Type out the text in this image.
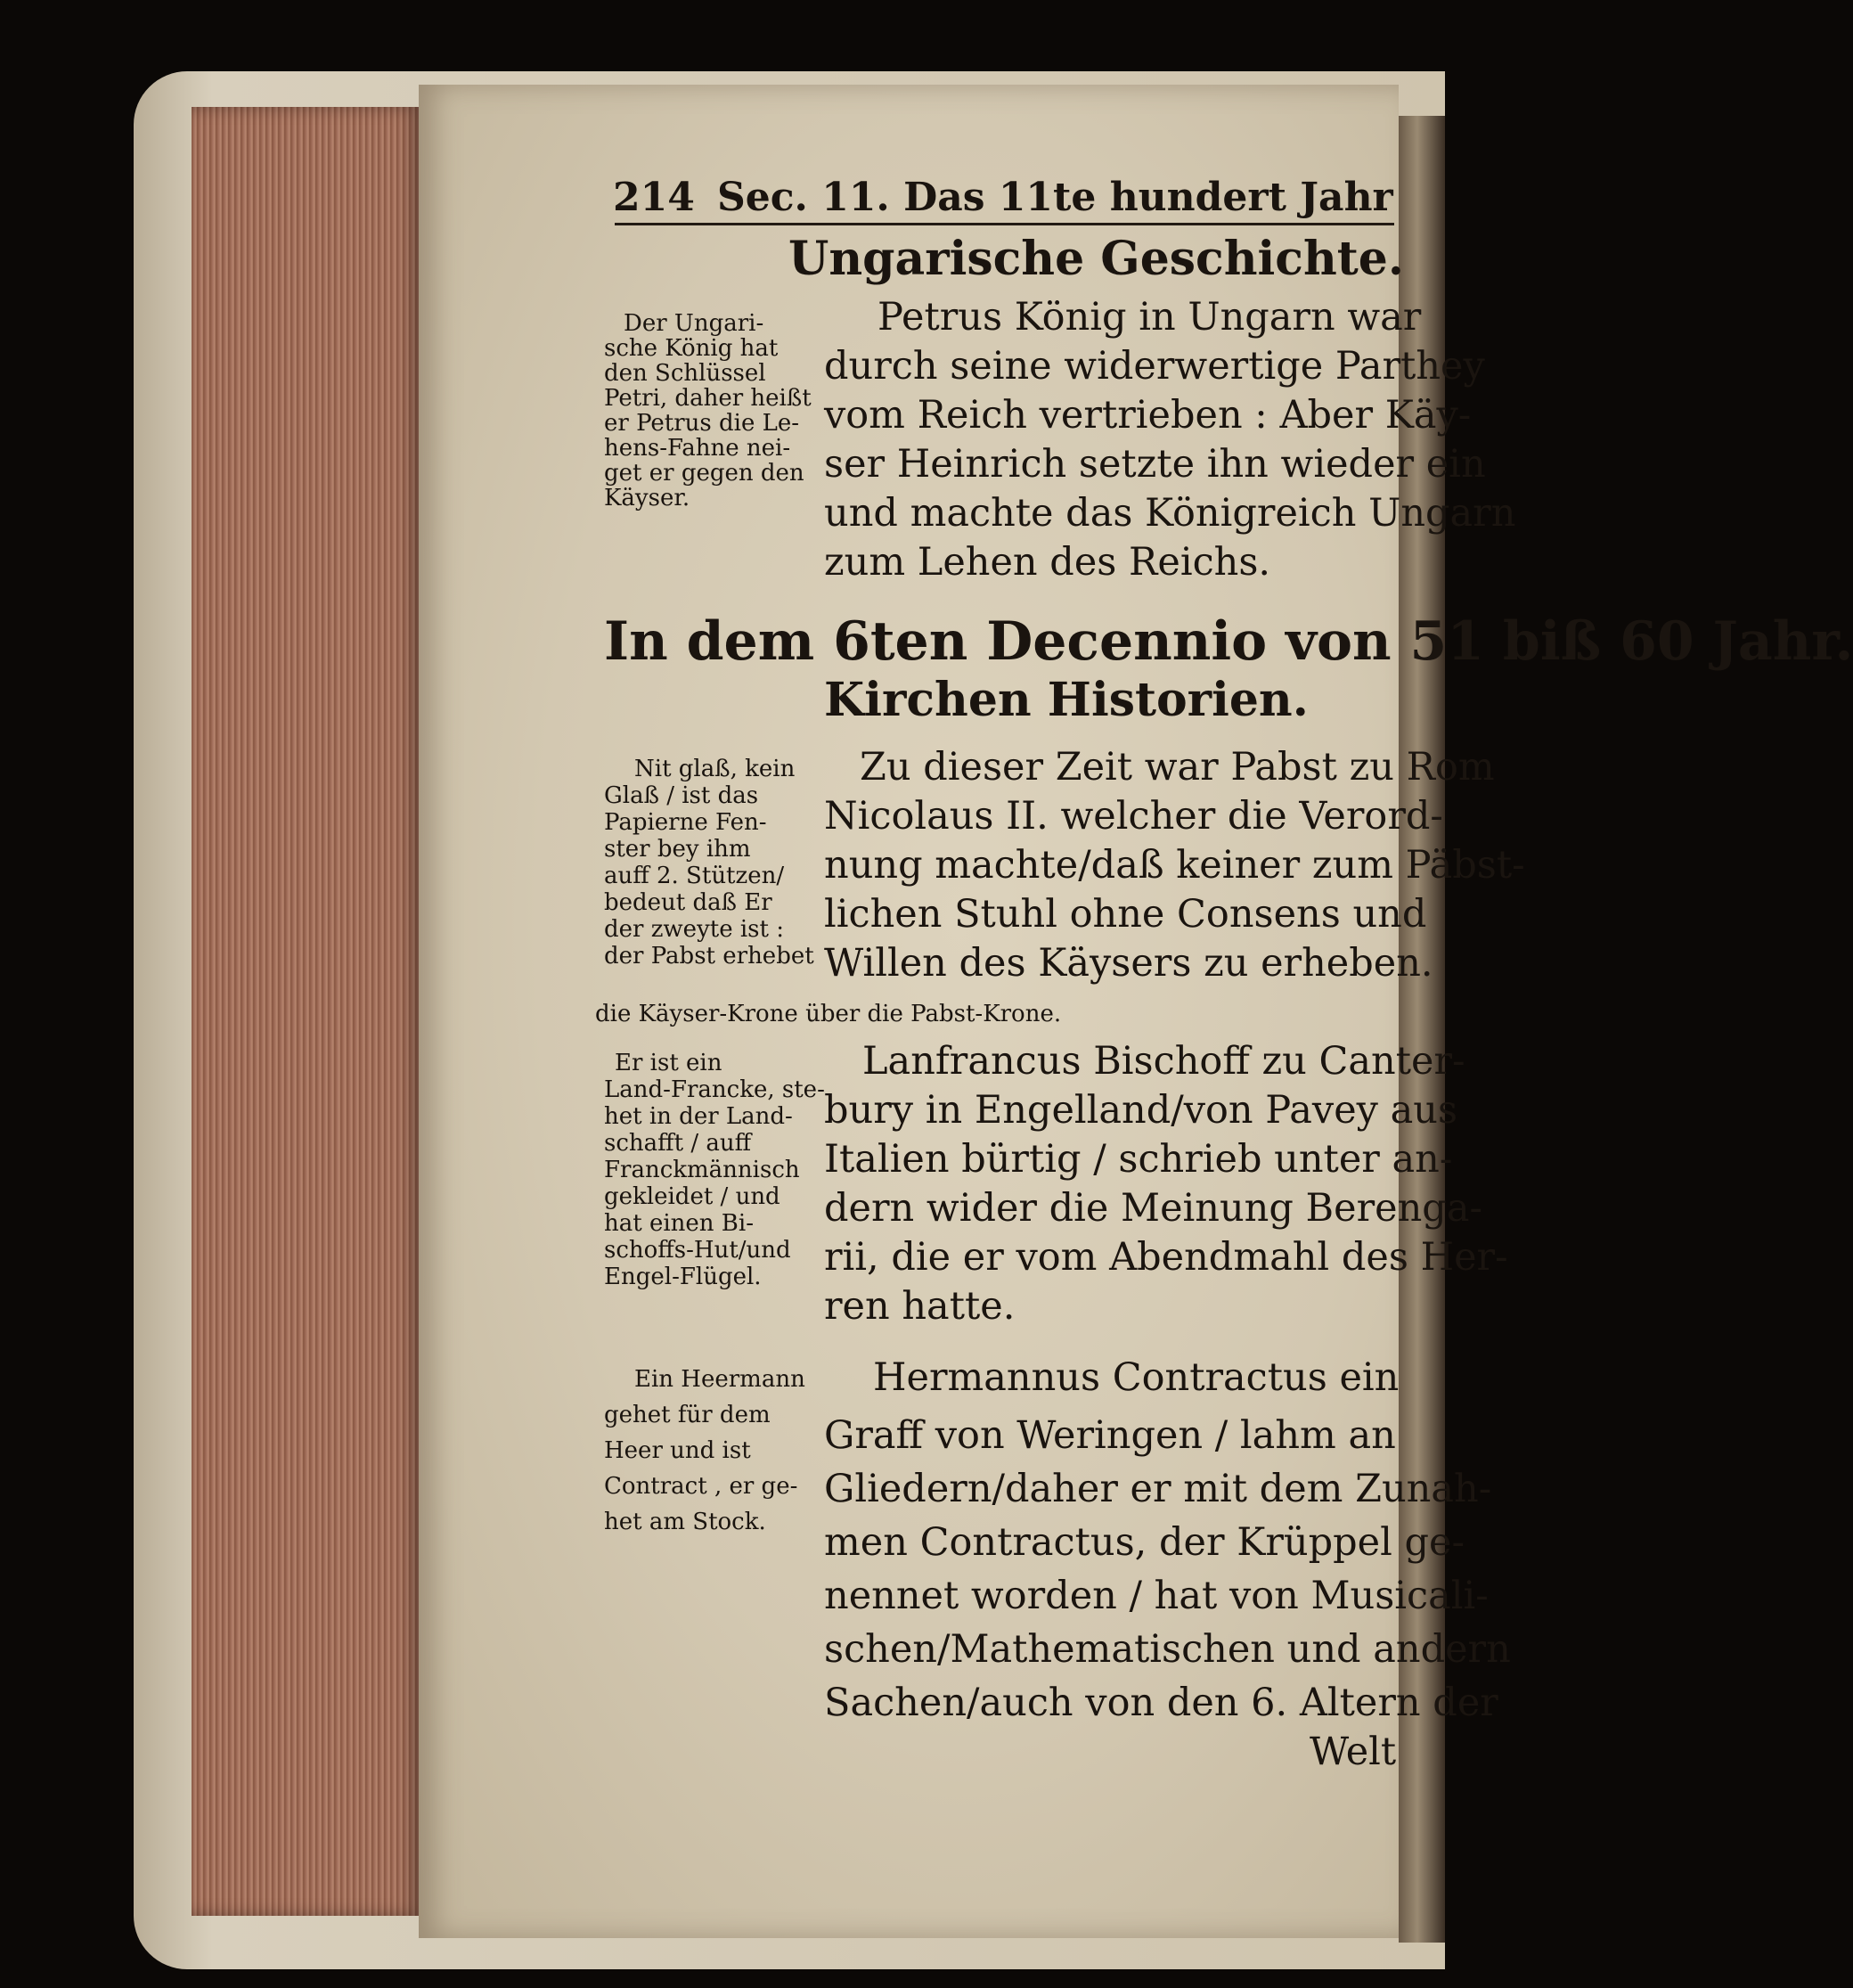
214 Sec. 11. Das 11te hundert Jahr
Ungarische Geschichte.
Der Ungari-
sche König hat
den Schlüssel
Petri, daher heißt
er Petrus die Le-
hens-Fahne nei-
get er gegen den
Käyser.
Petrus König in Ungarn war
durch seine widerwertige Parthey
vom Reich vertrieben : Aber Käy-
ser Heinrich setzte ihn wieder ein
und machte das Königreich Ungarn
zum Lehen des Reichs.
In dem 6ten Decennio von 51 biß 60 Jahr.
Kirchen Historien.
Nit glaß, kein
Glaß / ist das
Papierne Fen-
ster bey ihm
auff 2. Stützen/
bedeut daß Er
der zweyte ist :
der Pabst erhebet
die Käyser-Krone über die Pabst-Krone.
Zu dieser Zeit war Pabst zu Rom
Nicolaus II. welcher die Verord-
nung machte/daß keiner zum Päbst-
lichen Stuhl ohne Consens und
Willen des Käysers zu erheben.
Er ist ein
Land-Francke, ste-
het in der Land-
schafft / auff
Franckmännisch
gekleidet / und
hat einen Bi-
schoffs-Hut/und
Engel-Flügel.
Lanfrancus Bischoff zu Canter-
bury in Engelland/von Pavey aus
Italien bürtig / schrieb unter an-
dern wider die Meinung Berenga-
rii, die er vom Abendmahl des Her-
ren hatte.
Ein Heermann
gehet für dem
Heer und ist
Contract , er ge-
het am Stock.
Hermannus Contractus ein
Graff von Weringen / lahm an
Gliedern/daher er mit dem Zunah-
men Contractus, der Krüppel ge-
nennet worden / hat von Musicali-
schen/Mathematischen und andern
Sachen/auch von den 6. Altern der
Welt
